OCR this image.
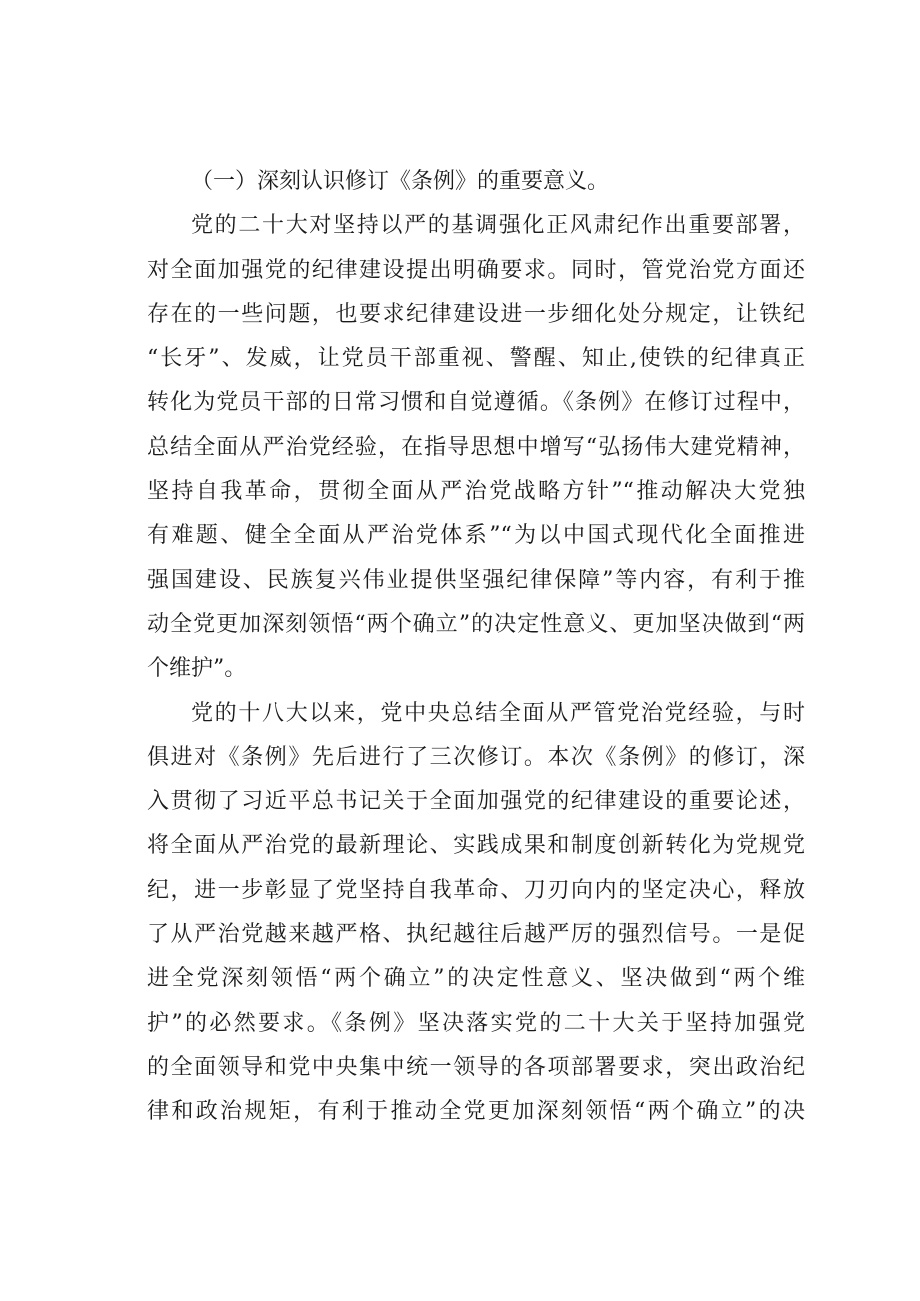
（一）深刻认识修订《条例》的重要意义。
党的二十大对坚持以严的基调强化正风肃纪作出重要部署，
对全面加强党的纪律建设提出明确要求。同时，管党治党方面还
存在的一些问题，也要求纪律建设进一步细化处分规定，让铁纪
“长牙”、发威，让党员干部重视、警醒、知止,使铁的纪律真正
转化为党员干部的日常习惯和自觉遵循。《条例》在修订过程中，
总结全面从严治党经验，在指导思想中增写“弘扬伟大建党精神，
坚持自我革命，贯彻全面从严治党战略方针”“推动解决大党独
有难题、健全全面从严治党体系”“为以中国式现代化全面推进
强国建设、民族复兴伟业提供坚强纪律保障”等内容，有利于推
动全党更加深刻领悟“两个确立”的决定性意义、更加坚决做到“两
个维护”。
党的十八大以来，党中央总结全面从严管党治党经验，与时
俱进对《条例》先后进行了三次修订。本次《条例》的修订，深
入贯彻了习近平总书记关于全面加强党的纪律建设的重要论述，
将全面从严治党的最新理论、实践成果和制度创新转化为党规党
纪，进一步彰显了党坚持自我革命、刀刃向内的坚定决心，释放
了从严治党越来越严格、执纪越往后越严厉的强烈信号。一是促
进全党深刻领悟“两个确立”的决定性意义、坚决做到“两个维
护”的必然要求。《条例》坚决落实党的二十大关于坚持加强党
的全面领导和党中央集中统一领导的各项部署要求，突出政治纪
律和政治规矩，有利于推动全党更加深刻领悟“两个确立”的决
